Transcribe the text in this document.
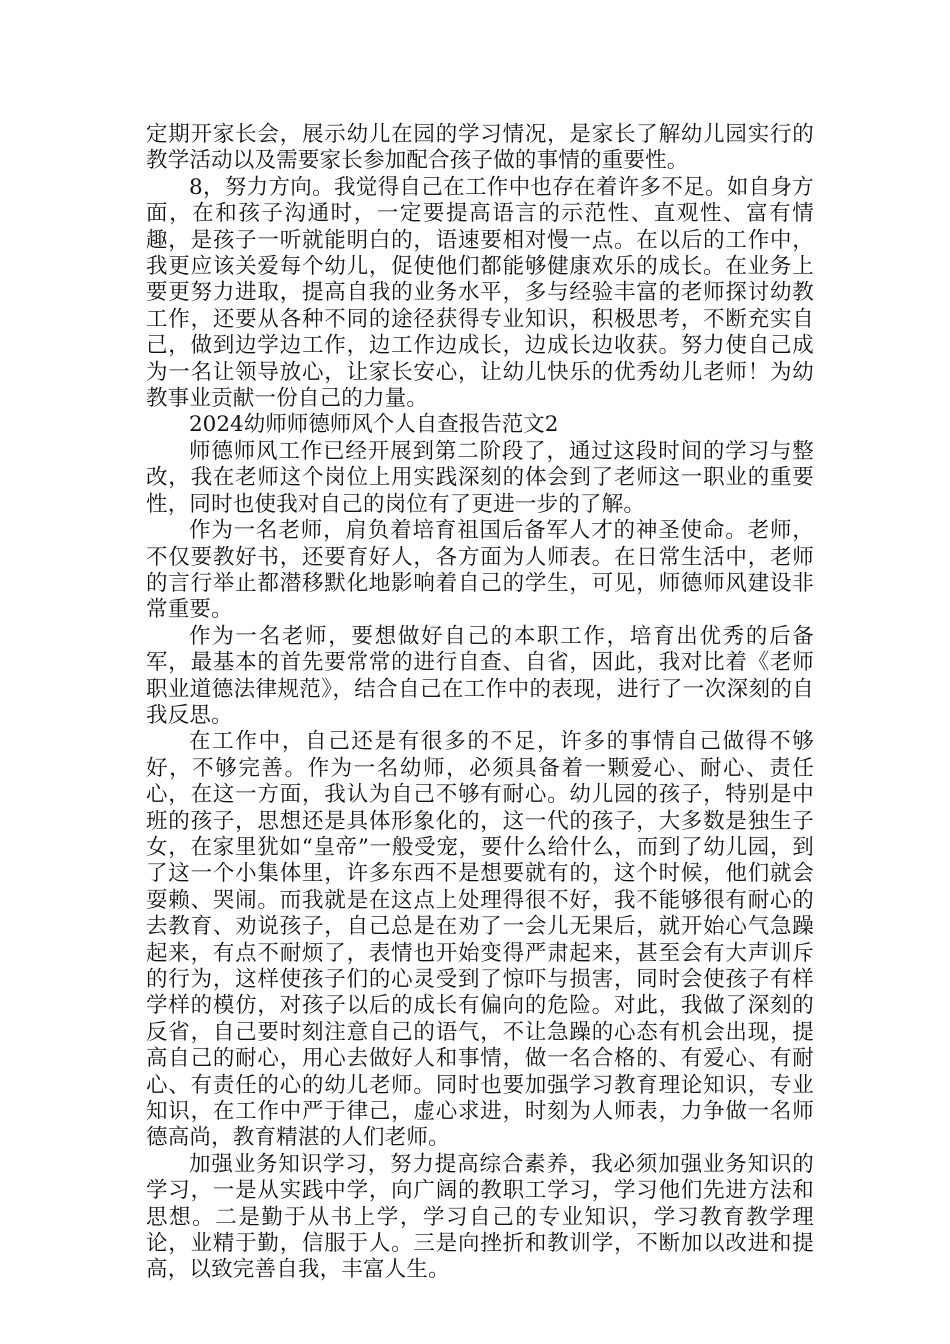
定期开家长会，展示幼儿在园的学习情况，是家长了解幼儿园实行的教学活动以及需要家长参加配合孩子做的事情的重要性。

8，努力方向。我觉得自己在工作中也存在着许多不足。如自身方面，在和孩子沟通时，一定要提高语言的示范性、直观性、富有情趣，是孩子一听就能明白的，语速要相对慢一点。在以后的工作中，我更应该关爱每个幼儿，促使他们都能够健康欢乐的成长。在业务上要更努力进取，提高自我的业务水平，多与经验丰富的老师探讨幼教工作，还要从各种不同的途径获得专业知识，积极思考，不断充实自己，做到边学边工作，边工作边成长，边成长边收获。努力使自己成为一名让领导放心，让家长安心，让幼儿快乐的优秀幼儿老师！为幼教事业贡献一份自己的力量。

2024幼师师德师风个人自查报告范文2

师德师风工作已经开展到第二阶段了，通过这段时间的学习与整改，我在老师这个岗位上用实践深刻的体会到了老师这一职业的重要性，同时也使我对自己的岗位有了更进一步的了解。

作为一名老师，肩负着培育祖国后备军人才的神圣使命。老师，不仅要教好书，还要育好人，各方面为人师表。在日常生活中，老师的言行举止都潜移默化地影响着自己的学生，可见，师德师风建设非常重要。

作为一名老师，要想做好自己的本职工作，培育出优秀的后备军，最基本的首先要常常的进行自查、自省，因此，我对比着《老师职业道德法律规范》，结合自己在工作中的表现，进行了一次深刻的自我反思。

在工作中，自己还是有很多的不足，许多的事情自己做得不够好，不够完善。作为一名幼师，必须具备着一颗爱心、耐心、责任心，在这一方面，我认为自己不够有耐心。幼儿园的孩子，特别是中班的孩子，思想还是具体形象化的，这一代的孩子，大多数是独生子女，在家里犹如“皇帝”一般受宠，要什么给什么，而到了幼儿园，到了这一个小集体里，许多东西不是想要就有的，这个时候，他们就会耍赖、哭闹。而我就是在这点上处理得很不好，我不能够很有耐心的去教育、劝说孩子，自己总是在劝了一会儿无果后，就开始心气急躁起来，有点不耐烦了，表情也开始变得严肃起来，甚至会有大声训斥的行为，这样使孩子们的心灵受到了惊吓与损害，同时会使孩子有样学样的模仿，对孩子以后的成长有偏向的危险。对此，我做了深刻的反省，自己要时刻注意自己的语气，不让急躁的心态有机会出现，提高自己的耐心，用心去做好人和事情，做一名合格的、有爱心、有耐心、有责任的心的幼儿老师。同时也要加强学习教育理论知识，专业知识，在工作中严于律己，虚心求进，时刻为人师表，力争做一名师德高尚，教育精湛的人们老师。

加强业务知识学习，努力提高综合素养，我必须加强业务知识的学习，一是从实践中学，向广阔的教职工学习，学习他们先进方法和思想。二是勤于从书上学，学习自己的专业知识，学习教育教学理论，业精于勤，信服于人。三是向挫折和教训学，不断加以改进和提高，以致完善自我，丰富人生。
